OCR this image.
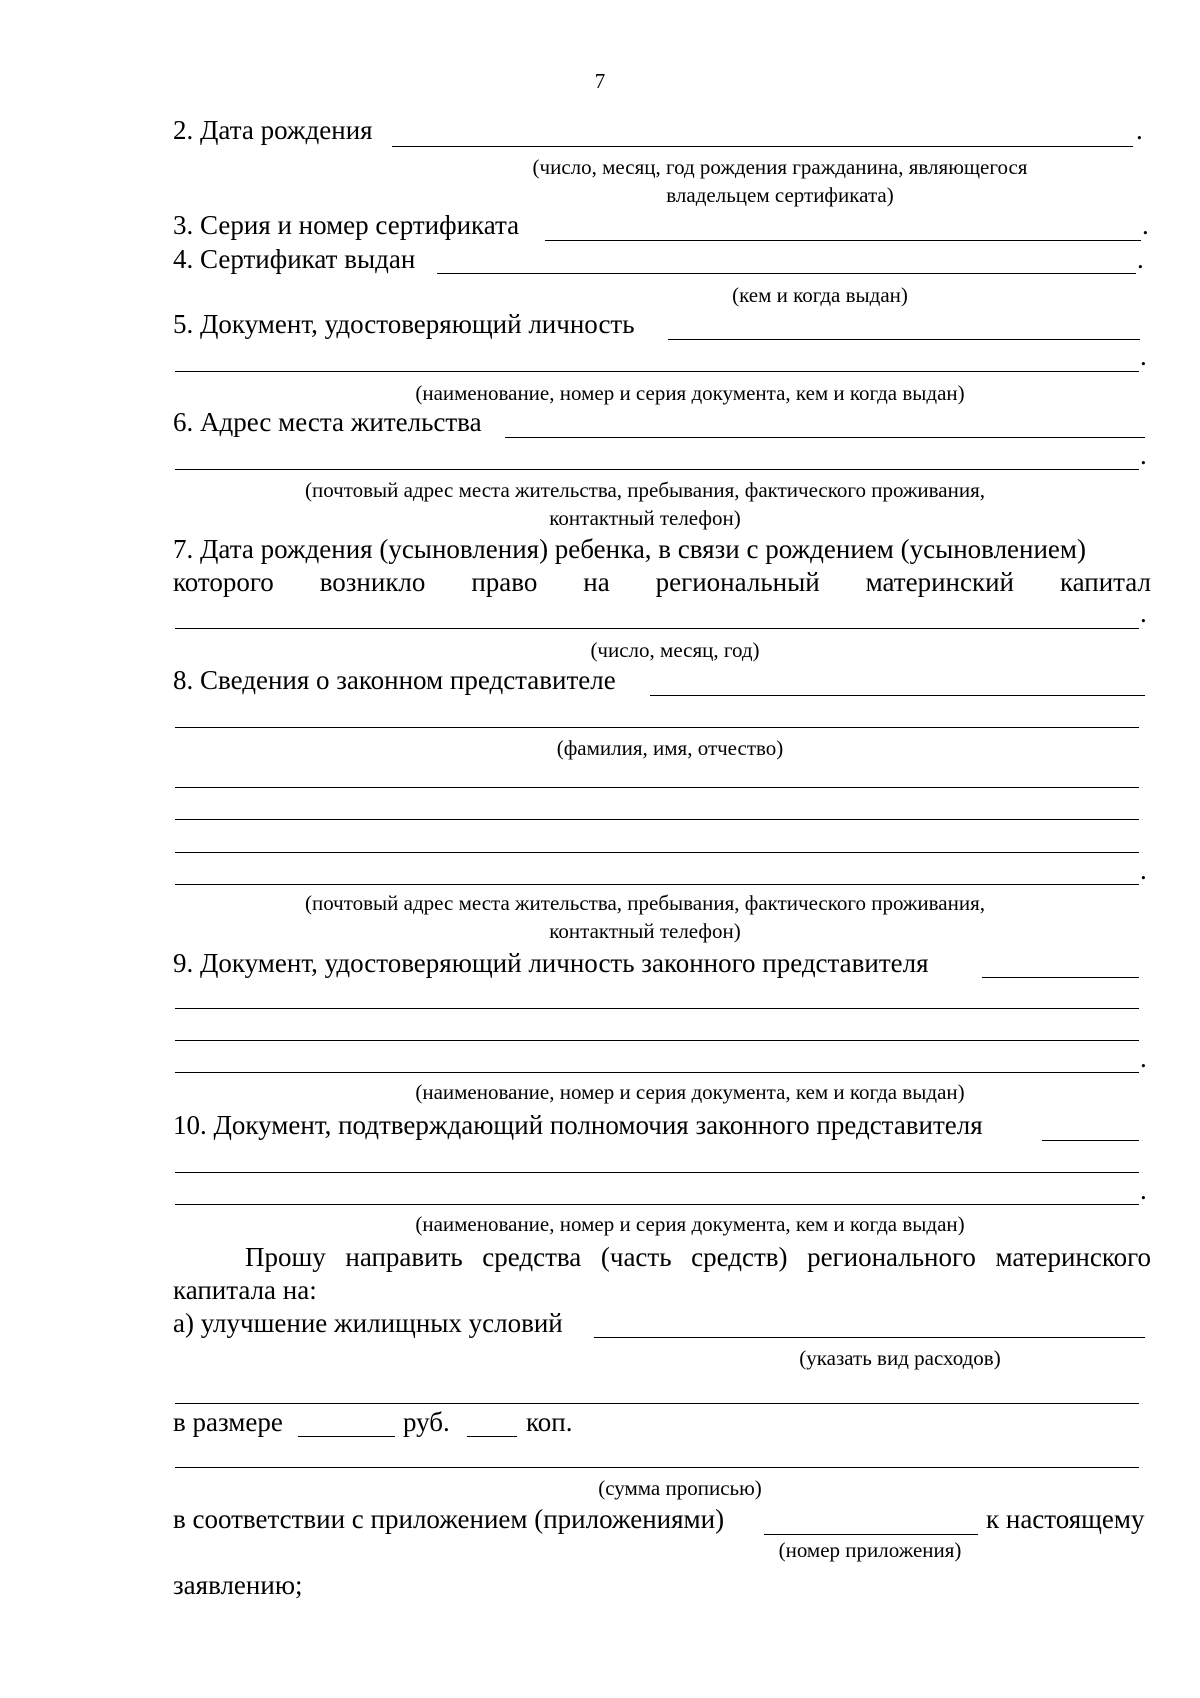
7
2. Дата рождения	.
(число, месяц, год рождения гражданина, являющегося
владельцем сертификата)
3. Серия и номер сертификата	.
4. Сертификат выдан	.
(кем и когда выдан)
5. Документ, удостоверяющий личность
.
(наименование, номер и серия документа, кем и когда выдан)
6. Адрес места жительства
.
(почтовый адрес места жительства, пребывания, фактического проживания,
контактный телефон)
7. Дата рождения (усыновления) ребенка, в связи с рождением (усыновлением)
которого возникло право на региональный материнский капитал
.
(число, месяц, год)
8. Сведения о законном представителе
(фамилия, имя, отчество)
.
(почтовый адрес места жительства, пребывания, фактического проживания,
контактный телефон)
9. Документ, удостоверяющий личность законного представителя
.
(наименование, номер и серия документа, кем и когда выдан)
10. Документ, подтверждающий полномочия законного представителя
.
(наименование, номер и серия документа, кем и когда выдан)
Прошу направить средства (часть средств) регионального материнского
капитала на:
а) улучшение жилищных условий
(указать вид расходов)
в размере	руб.	коп.
(сумма прописью)
в соответствии с приложением (приложениями)	к настоящему
(номер приложения)
заявлению;
